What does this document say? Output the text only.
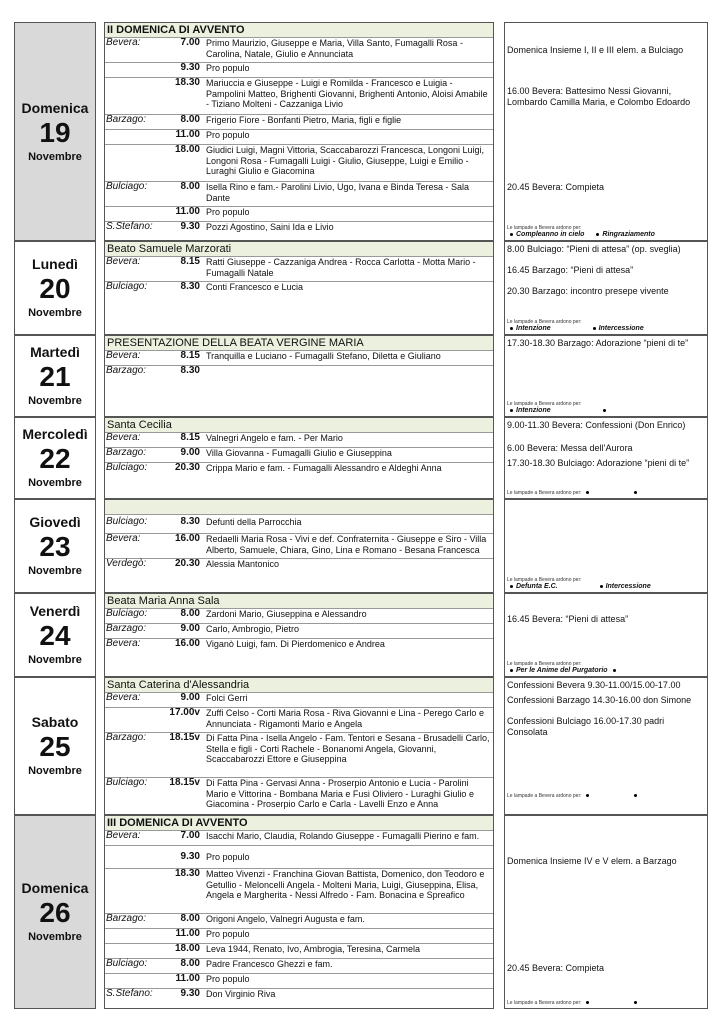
Domenica
19
Novembre
II DOMENICA DI AVVENTO
Bevera:	7.00 Primo Maurizio, Giuseppe e Maria, Villa Santo, Fumagalli Rosa - Carolina, Natale, Giulio e Annunciata
9.30 Pro populo
18.30 Mariuccia e Giuseppe - Luigi e Romilda - Francesco e Luigia - Pampolini Matteo, Brighenti Giovanni, Brighenti Antonio, Aloisi Amabile - Tiziano Molteni - Cazzaniga Livio
Barzago:	8.00 Frigerio Fiore - Bonfanti Pietro, Maria, figli e figlie
11.00 Pro populo
18.00 Giudici Luigi, Magni Vittoria, Scaccabarozzi Francesca, Longoni Luigi, Longoni Rosa - Fumagalli Luigi - Giulio, Giuseppe, Luigi e Emilio - Luraghi Giulio e Giacomina
Bulciago:	8.00 Isella Rino e fam.- Parolini Livio, Ugo, Ivana e Binda Teresa - Sala Dante
11.00 Pro populo
S.Stefano:	9.30 Pozzi Agostino, Saini Ida e Livio
Domenica Insieme I, II e III elem. a Bulciago
16.00 Bevera: Battesimo Nessi Giovanni, Lombardo Camilla Maria, e Colombo Edoardo
20.45 Bevera: Compieta
Le lampade a Bevera ardono per:
Compleanno in cielo	Ringraziamento
Lunedì
20
Novembre
Beato Samuele Marzorati
Bevera:	8.15 Ratti Giuseppe - Cazzaniga Andrea - Rocca Carlotta - Motta Mario - Fumagalli Natale
Bulciago:	8.30 Conti Francesco e Lucia
8.00 Bulciago: “Pieni di attesa” (op. sveglia)
16.45 Barzago: “Pieni di attesa”
20.30 Barzago: incontro presepe vivente
Le lampade a Bevera ardono per:
Intenzione	Intercessione
Martedì
21
Novembre
PRESENTAZIONE DELLA BEATA VERGINE MARIA
Bevera:	8.15 Tranquilla e Luciano - Fumagalli Stefano, Diletta e Giuliano
Barzago:	8.30
17.30-18.30 Barzago: Adorazione “pieni di te”
Le lampade a Bevera ardono per:
Intenzione
Mercoledì
22
Novembre
Santa Cecilia
Bevera:	8.15 Valnegri Angelo e fam. - Per Mario
Barzago:	9.00 Villa Giovanna - Fumagalli Giulio e Giuseppina
Bulciago:	20.30 Crippa Mario e fam. - Fumagalli Alessandro e Aldeghi Anna
9.00-11.30 Bevera: Confessioni (Don Enrico)
6.00 Bevera: Messa dell’Aurora
17.30-18.30 Bulciago: Adorazione “pieni di te”
Le lampade a Bevera ardono per:
Giovedì
23
Novembre
Bulciago:	8.30 Defunti della Parrocchia
Bevera:	16.00 Redaelli Maria Rosa - Vivi e def. Confraternita - Giuseppe e Siro - Villa Alberto, Samuele, Chiara, Gino, Lina e Romano - Besana Francesca
Verdegò:	20.30 Alessia Mantonico
Le lampade a Bevera ardono per:
Defunta E.C.	Intercessione
Venerdì
24
Novembre
Beata Maria Anna Sala
Bulciago:	8.00 Zardoni Mario, Giuseppina e Alessandro
Barzago:	9.00 Carlo, Ambrogio, Pietro
Bevera:	16.00 Viganò Luigi, fam. Di Pierdomenico e Andrea
16.45 Bevera: “Pieni di attesa”
Le lampade a Bevera ardono per:
Per le Anime del Purgatorio
Sabato
25
Novembre
Santa Caterina d'Alessandria
Bevera:	9.00 Folci Gerri
17.00v Zuffi Celso - Corti Maria Rosa - Riva Giovanni e Lina - Perego Carlo e Annunciata - Rigamonti Mario e Angela
Barzago:	18.15v Di Fatta Pina - Isella Angelo - Fam. Tentori e Sesana - Brusadelli Carlo, Stella e figli - Corti Rachele - Bonanomi Angela, Giovanni, Scaccabarozzi Ettore e Giuseppina
Bulciago:	18.15v Di Fatta Pina - Gervasi Anna - Proserpio Antonio e Lucia - Parolini Mario e Vittorina - Bombana Maria e Fusi Oliviero - Luraghi Giulio e Giacomina - Proserpio Carlo e Carla - Lavelli Enzo e Anna
Confessioni Bevera 9.30-11.00/15.00-17.00
Confessioni Barzago 14.30-16.00 don Simone
Confessioni Bulciago 16.00-17.30 padri Consolata
Le lampade a Bevera ardono per:
Domenica
26
Novembre
III DOMENICA DI AVVENTO
Bevera:	7.00 Isacchi Mario, Claudia, Rolando Giuseppe - Fumagalli Pierino e fam.
9.30 Pro populo
18.30 Matteo Vivenzi - Franchina Giovan Battista, Domenico, don Teodoro e Getullio - Meloncelli Angela - Molteni Maria, Luigi, Giuseppina, Elisa, Angela e Margherita - Nessi Alfredo - Fam. Bonacina e Spreafico
Barzago:	8.00 Origoni Angelo, Valnegri Augusta e fam.
11.00 Pro populo
18.00 Leva 1944, Renato, Ivo, Ambrogia, Teresina, Carmela
Bulciago:	8.00 Padre Francesco Ghezzi e fam.
11.00 Pro populo
S.Stefano:	9.30 Don Virginio Riva
Domenica Insieme IV e V elem. a Barzago
20.45 Bevera: Compieta
Le lampade a Bevera ardono per:
